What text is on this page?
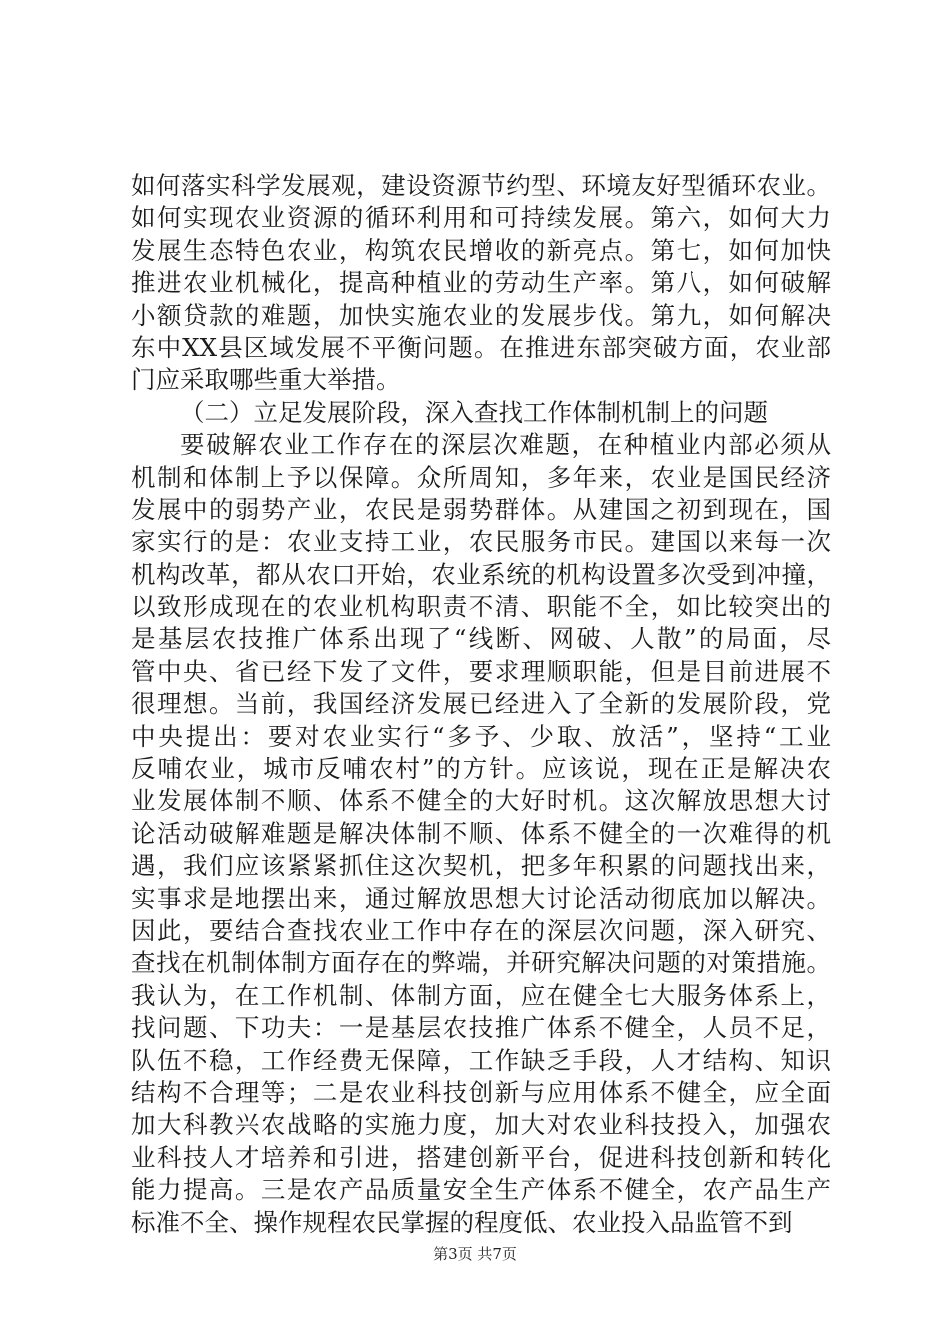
如何落实科学发展观，建设资源节约型、环境友好型循环农业。
如何实现农业资源的循环利用和可持续发展。第六，如何大力
发展生态特色农业，构筑农民增收的新亮点。第七，如何加快
推进农业机械化，提高种植业的劳动生产率。第八，如何破解
小额贷款的难题，加快实施农业的发展步伐。第九，如何解决
东中XX县区域发展不平衡问题。在推进东部突破方面，农业部
门应采取哪些重大举措。
（二）立足发展阶段，深入查找工作体制机制上的问题
要破解农业工作存在的深层次难题，在种植业内部必须从
机制和体制上予以保障。众所周知，多年来，农业是国民经济
发展中的弱势产业，农民是弱势群体。从建国之初到现在，国
家实行的是：农业支持工业，农民服务市民。建国以来每一次
机构改革，都从农口开始，农业系统的机构设置多次受到冲撞，
以致形成现在的农业机构职责不清、职能不全，如比较突出的
是基层农技推广体系出现了“线断、网破、人散”的局面，尽
管中央、省已经下发了文件，要求理顺职能，但是目前进展不
很理想。当前，我国经济发展已经进入了全新的发展阶段，党
中央提出：要对农业实行“多予、少取、放活”，坚持“工业
反哺农业，城市反哺农村”的方针。应该说，现在正是解决农
业发展体制不顺、体系不健全的大好时机。这次解放思想大讨
论活动破解难题是解决体制不顺、体系不健全的一次难得的机
遇，我们应该紧紧抓住这次契机，把多年积累的问题找出来，
实事求是地摆出来，通过解放思想大讨论活动彻底加以解决。
因此，要结合查找农业工作中存在的深层次问题，深入研究、
查找在机制体制方面存在的弊端，并研究解决问题的对策措施。
我认为，在工作机制、体制方面，应在健全七大服务体系上，
找问题、下功夫：一是基层农技推广体系不健全，人员不足，
队伍不稳，工作经费无保障，工作缺乏手段，人才结构、知识
结构不合理等；二是农业科技创新与应用体系不健全，应全面
加大科教兴农战略的实施力度，加大对农业科技投入，加强农
业科技人才培养和引进，搭建创新平台，促进科技创新和转化
能力提高。三是农产品质量安全生产体系不健全，农产品生产
标准不全、操作规程农民掌握的程度低、农业投入品监管不到
第3页 共7页
